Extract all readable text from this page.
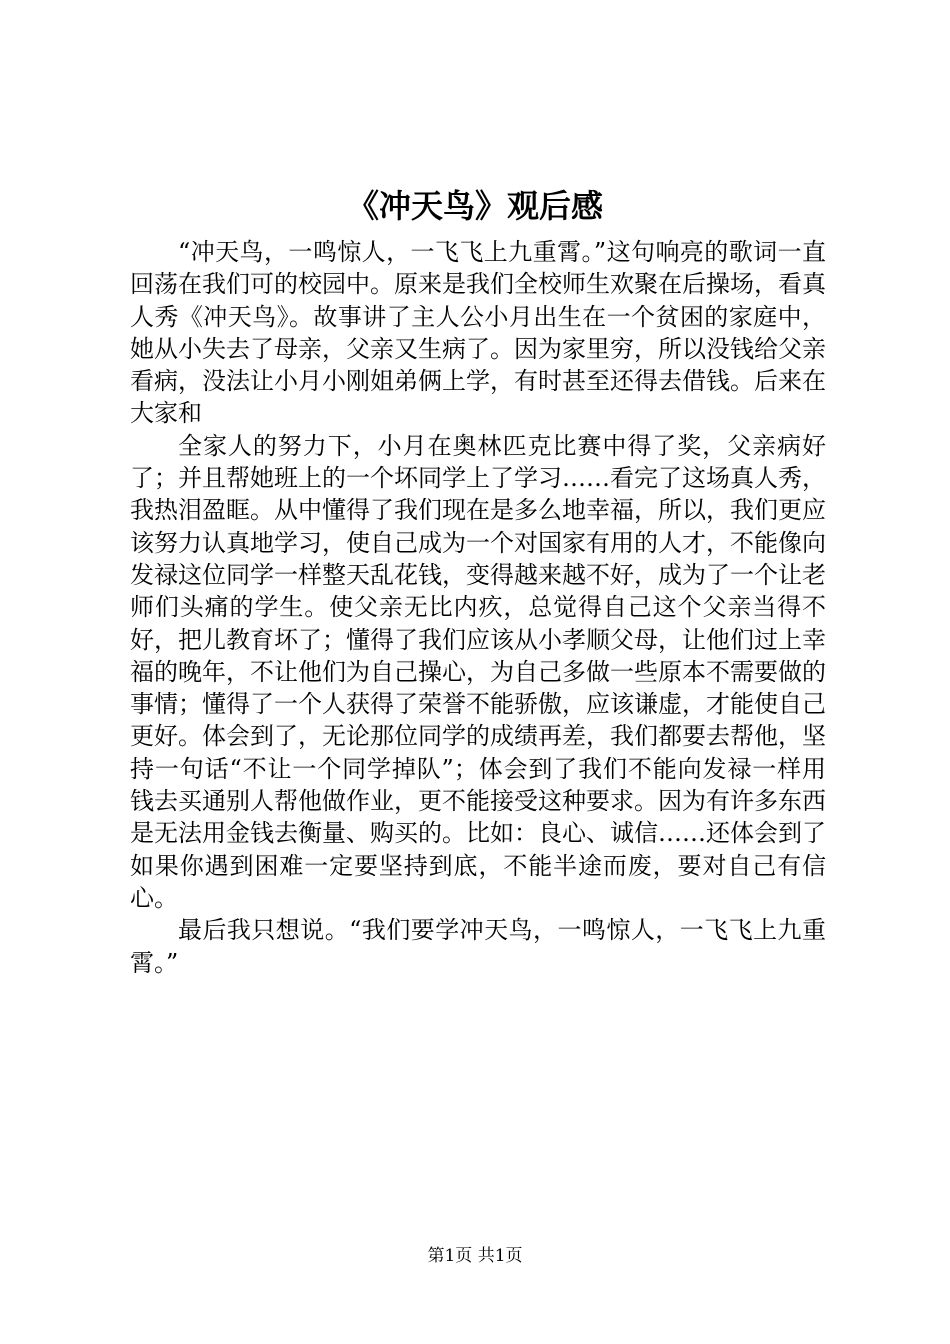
《冲天鸟》观后感

“冲天鸟，一鸣惊人，一飞飞上九重霄。”这句响亮的歌词一直回荡在我们可的校园中。原来是我们全校师生欢聚在后操场，看真人秀《冲天鸟》。故事讲了主人公小月出生在一个贫困的家庭中，她从小失去了母亲，父亲又生病了。因为家里穷，所以没钱给父亲看病，没法让小月小刚姐弟俩上学，有时甚至还得去借钱。后来在大家和

全家人的努力下，小月在奥林匹克比赛中得了奖，父亲病好了；并且帮她班上的一个坏同学上了学习……看完了这场真人秀，我热泪盈眶。从中懂得了我们现在是多么地幸福，所以，我们更应该努力认真地学习，使自己成为一个对国家有用的人才，不能像向发禄这位同学一样整天乱花钱，变得越来越不好，成为了一个让老师们头痛的学生。使父亲无比内疚，总觉得自己这个父亲当得不好，把儿教育坏了；懂得了我们应该从小孝顺父母，让他们过上幸福的晚年，不让他们为自己操心，为自己多做一些原本不需要做的事情；懂得了一个人获得了荣誉不能骄傲，应该谦虚，才能使自己更好。体会到了，无论那位同学的成绩再差，我们都要去帮他，坚持一句话“不让一个同学掉队”；体会到了我们不能向发禄一样用钱去买通别人帮他做作业，更不能接受这种要求。因为有许多东西是无法用金钱去衡量、购买的。比如：良心、诚信……还体会到了如果你遇到困难一定要坚持到底，不能半途而废，要对自己有信心。

最后我只想说。“我们要学冲天鸟，一鸣惊人，一飞飞上九重霄。”

第1页 共1页
